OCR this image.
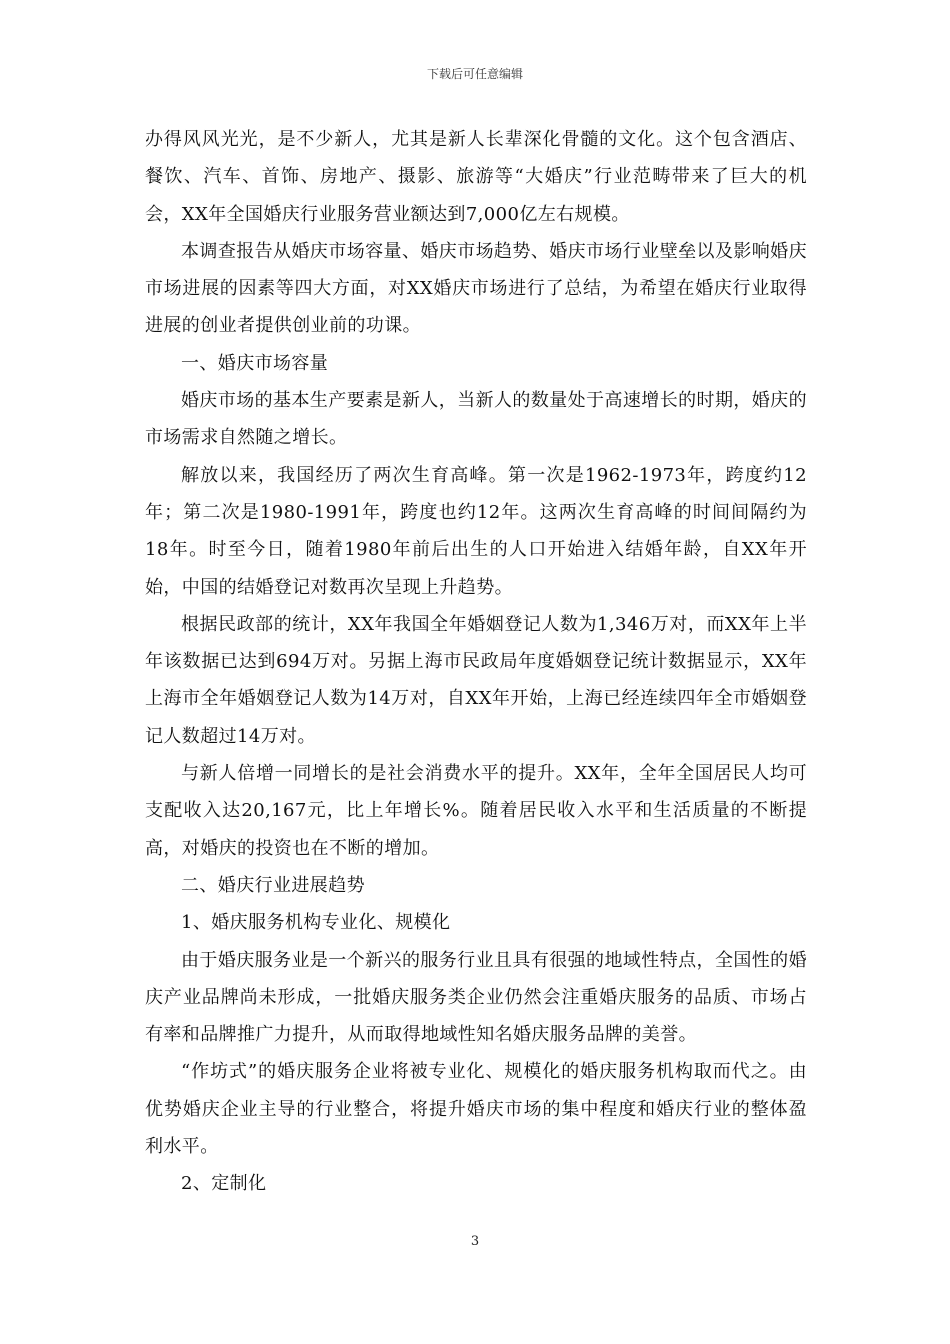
下载后可任意编辑

办得风风光光，是不少新人，尤其是新人长辈深化骨髓的文化。这个包含酒店、餐饮、汽车、首饰、房地产、摄影、旅游等“大婚庆”行业范畴带来了巨大的机会，XX年全国婚庆行业服务营业额达到7,000亿左右规模。

本调查报告从婚庆市场容量、婚庆市场趋势、婚庆市场行业壁垒以及影响婚庆市场进展的因素等四大方面，对XX婚庆市场进行了总结，为希望在婚庆行业取得进展的创业者提供创业前的功课。

一、婚庆市场容量

婚庆市场的基本生产要素是新人，当新人的数量处于高速增长的时期，婚庆的市场需求自然随之增长。

解放以来，我国经历了两次生育高峰。第一次是1962-1973年，跨度约12年；第二次是1980-1991年，跨度也约12年。这两次生育高峰的时间间隔约为18年。时至今日，随着1980年前后出生的人口开始进入结婚年龄，自XX年开始，中国的结婚登记对数再次呈现上升趋势。

根据民政部的统计，XX年我国全年婚姻登记人数为1,346万对，而XX年上半年该数据已达到694万对。另据上海市民政局年度婚姻登记统计数据显示，XX年上海市全年婚姻登记人数为14万对，自XX年开始，上海已经连续四年全市婚姻登记人数超过14万对。

与新人倍增一同增长的是社会消费水平的提升。XX年，全年全国居民人均可支配收入达20,167元，比上年增长%。随着居民收入水平和生活质量的不断提高，对婚庆的投资也在不断的增加。

二、婚庆行业进展趋势

1、婚庆服务机构专业化、规模化

由于婚庆服务业是一个新兴的服务行业且具有很强的地域性特点，全国性的婚庆产业品牌尚未形成，一批婚庆服务类企业仍然会注重婚庆服务的品质、市场占有率和品牌推广力提升，从而取得地域性知名婚庆服务品牌的美誉。

“作坊式”的婚庆服务企业将被专业化、规模化的婚庆服务机构取而代之。由优势婚庆企业主导的行业整合，将提升婚庆市场的集中程度和婚庆行业的整体盈利水平。

2、定制化

3
